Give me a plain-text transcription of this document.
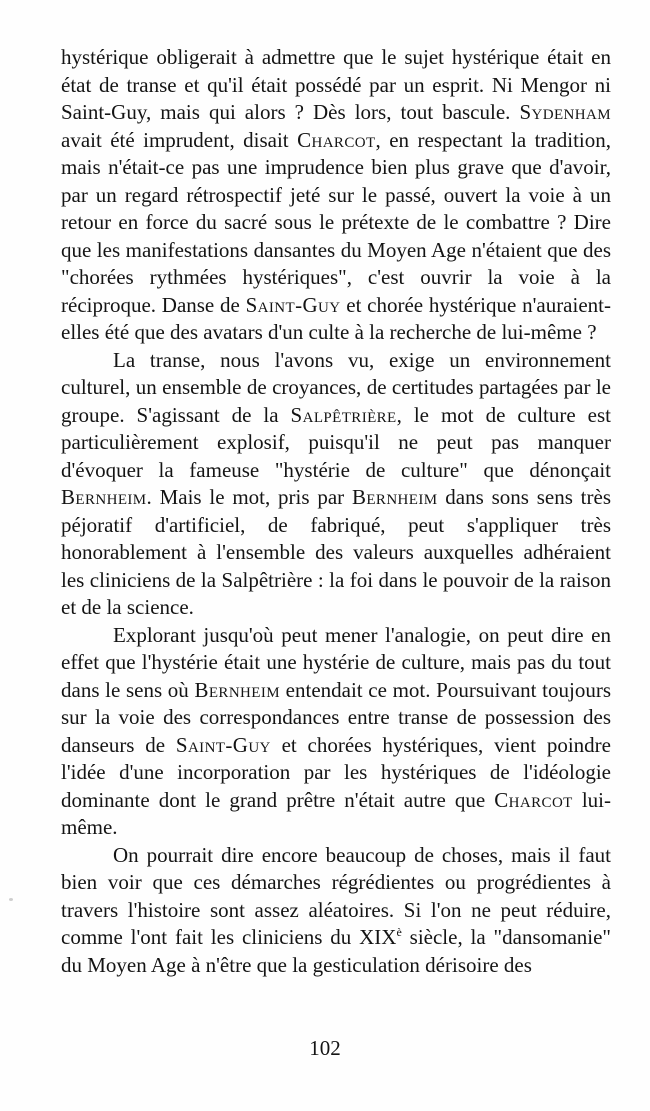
hystérique obligerait à admettre que le sujet hystérique était en état de transe et qu'il était possédé par un esprit. Ni Mengor ni Saint-Guy, mais qui alors ? Dès lors, tout bascule. Sydenham avait été imprudent, disait Charcot, en respectant la tradition, mais n'était-ce pas une imprudence bien plus grave que d'avoir, par un regard rétrospectif jeté sur le passé, ouvert la voie à un retour en force du sacré sous le prétexte de le combattre ? Dire que les manifestations dansantes du Moyen Age n'étaient que des "chorées rythmées hystériques", c'est ouvrir la voie à la réciproque. Danse de Saint-Guy et chorée hystérique n'auraient-elles été que des avatars d'un culte à la recherche de lui-même ?

La transe, nous l'avons vu, exige un environnement culturel, un ensemble de croyances, de certitudes partagées par le groupe. S'agissant de la Salpêtrière, le mot de culture est particulièrement explosif, puisqu'il ne peut pas manquer d'évoquer la fameuse "hystérie de culture" que dénonçait Bernheim. Mais le mot, pris par Bernheim dans sons sens très péjoratif d'artificiel, de fabriqué, peut s'appliquer très honorablement à l'ensemble des valeurs auxquelles adhéraient les cliniciens de la Salpêtrière : la foi dans le pouvoir de la raison et de la science.

Explorant jusqu'où peut mener l'analogie, on peut dire en effet que l'hystérie était une hystérie de culture, mais pas du tout dans le sens où Bernheim entendait ce mot. Poursuivant toujours sur la voie des correspondances entre transe de possession des danseurs de Saint-Guy et chorées hystériques, vient poindre l'idée d'une incorporation par les hystériques de l'idéologie dominante dont le grand prêtre n'était autre que Charcot lui-même.

On pourrait dire encore beaucoup de choses, mais il faut bien voir que ces démarches régrédientes ou progrédientes à travers l'histoire sont assez aléatoires. Si l'on ne peut réduire, comme l'ont fait les cliniciens du $XIX^è$ siècle, la "dansomanie" du Moyen Age à n'être que la gesticulation dérisoire des

102
